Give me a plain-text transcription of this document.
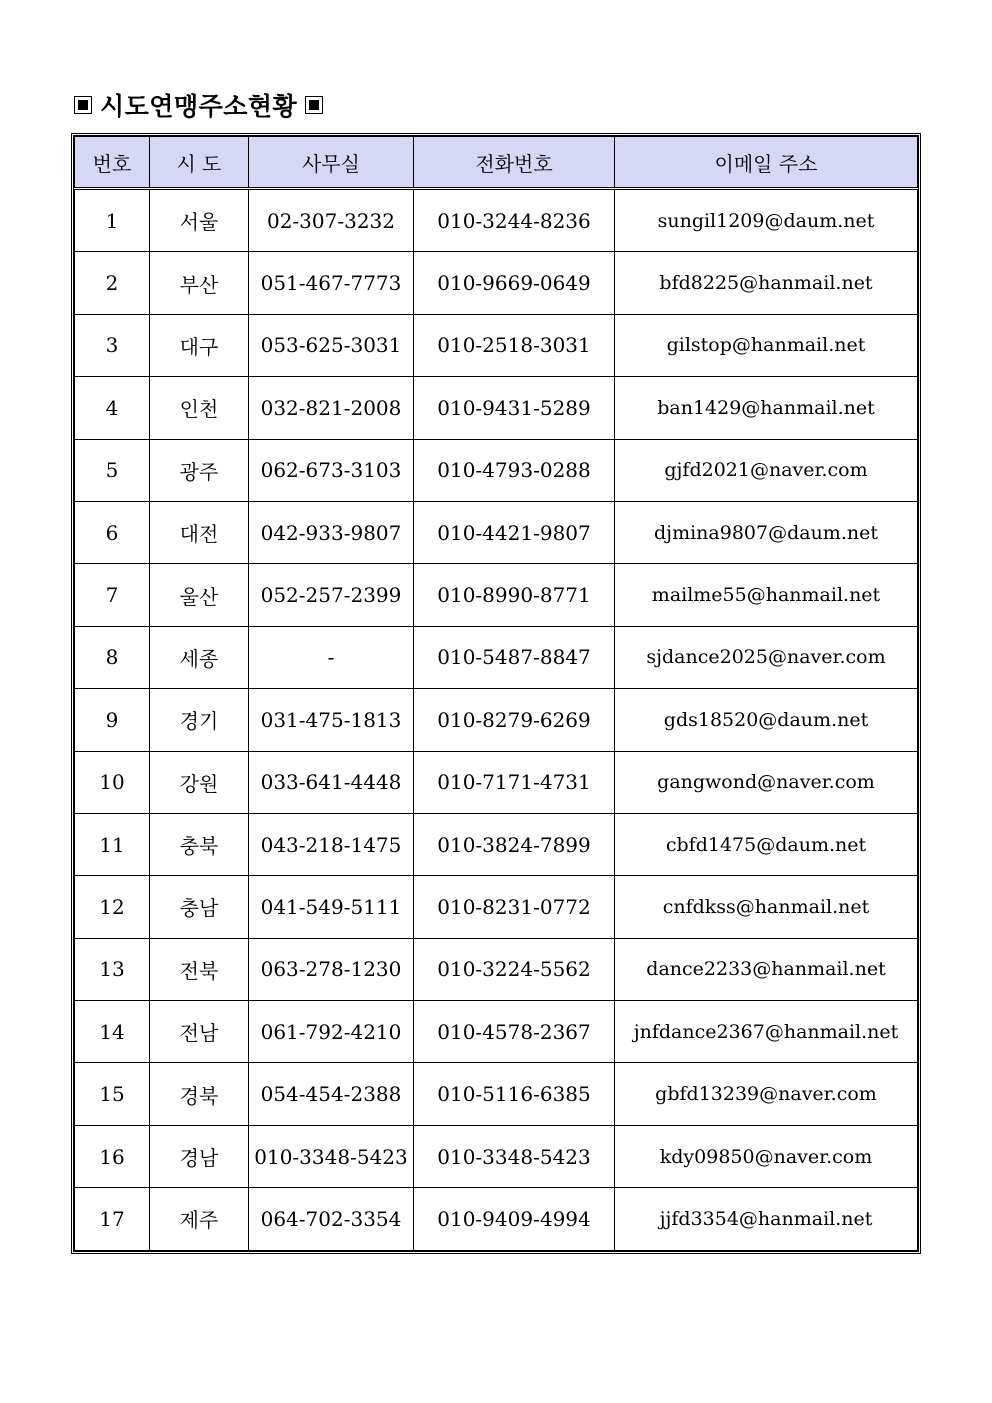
시도연맹주소현황
번호	시 도	사무실	전화번호	이메일 주소
1	서울	02-307-3232	010-3244-8236	sungil1209@daum.net
2	부산	051-467-7773	010-9669-0649	bfd8225@hanmail.net
3	대구	053-625-3031	010-2518-3031	gilstop@hanmail.net
4	인천	032-821-2008	010-9431-5289	ban1429@hanmail.net
5	광주	062-673-3103	010-4793-0288	gjfd2021@naver.com
6	대전	042-933-9807	010-4421-9807	djmina9807@daum.net
7	울산	052-257-2399	010-8990-8771	mailme55@hanmail.net
8	세종	-	010-5487-8847	sjdance2025@naver.com
9	경기	031-475-1813	010-8279-6269	gds18520@daum.net
10	강원	033-641-4448	010-7171-4731	gangwond@naver.com
11	충북	043-218-1475	010-3824-7899	cbfd1475@daum.net
12	충남	041-549-5111	010-8231-0772	cnfdkss@hanmail.net
13	전북	063-278-1230	010-3224-5562	dance2233@hanmail.net
14	전남	061-792-4210	010-4578-2367	jnfdance2367@hanmail.net
15	경북	054-454-2388	010-5116-6385	gbfd13239@naver.com
16	경남	010-3348-5423	010-3348-5423	kdy09850@naver.com
17	제주	064-702-3354	010-9409-4994	jjfd3354@hanmail.net
